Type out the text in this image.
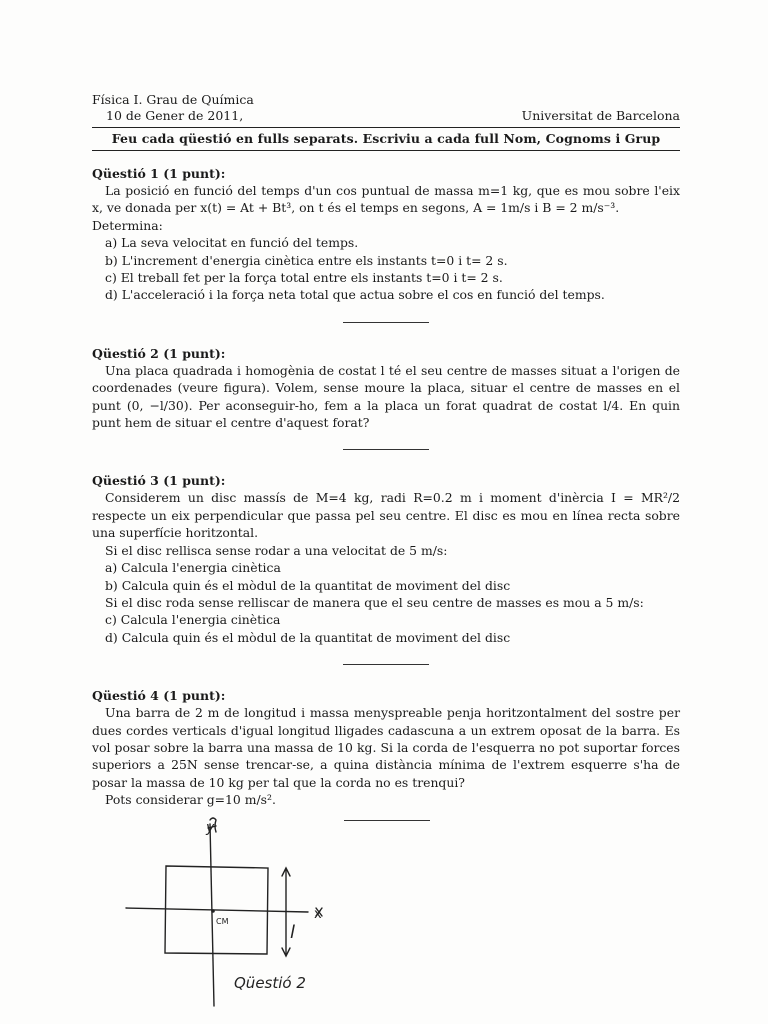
Física I. Grau de Química
10 de Gener de 2011,	Universitat de Barcelona
Feu cada qüestió en fulls separats. Escriviu a cada full Nom, Cognoms i Grup
Qüestió 1 (1 punt):
La posició en funció del temps d'un cos puntual de massa m=1 kg, que es mou sobre l'eix x, ve donada per x(t) = At + Bt³, on t és el temps en segons, A = 1m/s i B = 2 m/s⁻³.
Determina:
a) La seva velocitat en funció del temps.
b) L'increment d'energia cinètica entre els instants t=0 i t= 2 s.
c) El treball fet per la força total entre els instants t=0 i t= 2 s.
d) L'acceleració i la força neta total que actua sobre el cos en funció del temps.
Qüestió 2 (1 punt):
Una placa quadrada i homogènia de costat l té el seu centre de masses situat a l'origen de coordenades (veure figura). Volem, sense moure la placa, situar el centre de masses en el punt (0, −l/30). Per aconseguir-ho, fem a la placa un forat quadrat de costat l/4. En quin punt hem de situar el centre d'aquest forat?
Qüestió 3 (1 punt):
Considerem un disc massís de M=4 kg, radi R=0.2 m i moment d'inèrcia I = MR²/2 respecte un eix perpendicular que passa pel seu centre. El disc es mou en línea recta sobre una superfície horitzontal.
Si el disc rellisca sense rodar a una velocitat de 5 m/s:
a) Calcula l'energia cinètica
b) Calcula quin és el mòdul de la quantitat de moviment del disc
Si el disc roda sense relliscar de manera que el seu centre de masses es mou a 5 m/s:
c) Calcula l'energia cinètica
d) Calcula quin és el mòdul de la quantitat de moviment del disc
Qüestió 4 (1 punt):
Una barra de 2 m de longitud i massa menyspreable penja horitzontalment del sostre per dues cordes verticals d'igual longitud lligades cadascuna a un extrem oposat de la barra. Es vol posar sobre la barra una massa de 10 kg. Si la corda de l'esquerra no pot suportar forces superiors a 25N sense trencar-se, a quina distància mínima de l'extrem esquerre s'ha de posar la massa de 10 kg per tal que la corda no es trenqui?
Pots considerar g=10 m/s².
y
x
CM
l
Qüestió 2
